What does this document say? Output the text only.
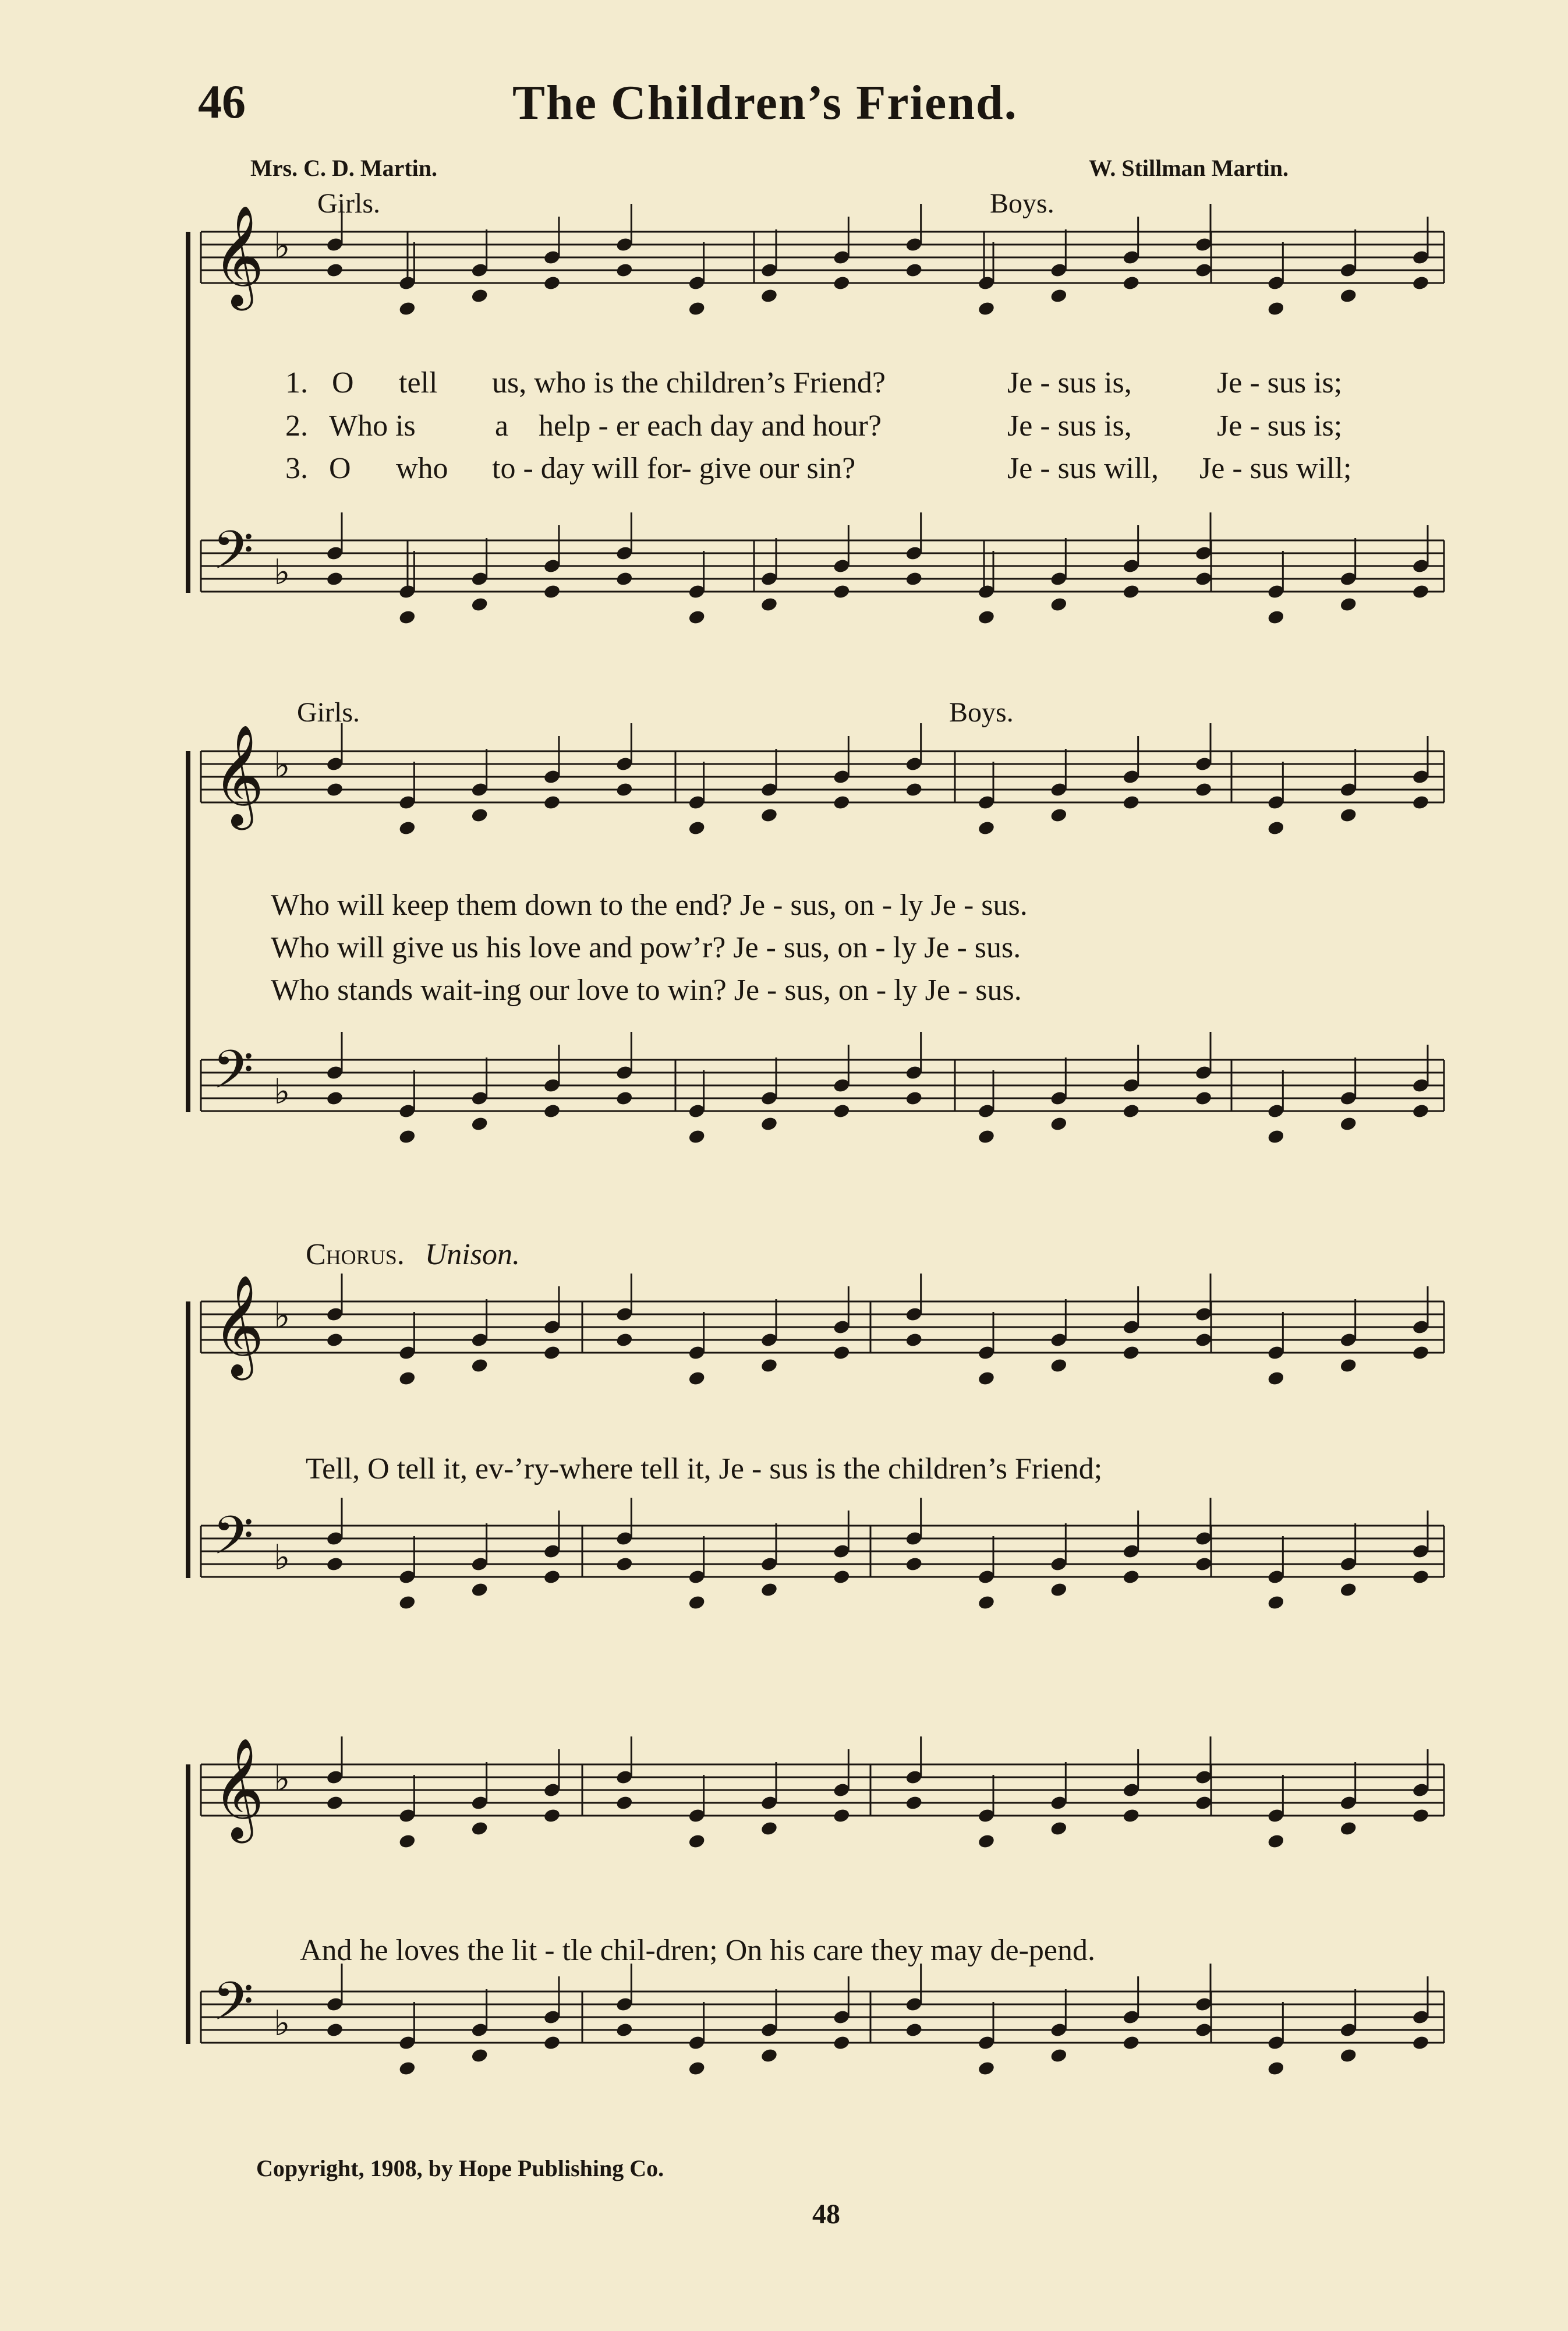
46	The Children’s Friend.
Mrs. C. D. Martin.	W. Stillman Martin.
Girls.	Boys.
1. O tell us, who is the children’s Friend?	Je - sus is,	Je - sus is;
2. Who is	a help - er each day and hour?	Je - sus is,	Je - sus is;
3. O who to - day will for- give our sin?	Je - sus will, Je - sus will;
Girls.	Boys.
Who will keep them down to the end? Je - sus, on - ly Je - sus.
Who will give us his love and pow’r? Je - sus, on - ly Je - sus.
Who stands wait-ing our love to win? Je - sus, on - ly Je - sus.
Chorus. Unison.
Tell, O tell it, ev-’ry-where tell it, Je - sus is the children’s Friend;
And he loves the lit - tle chil-dren; On his care they may de-pend.
Copyright, 1908, by Hope Publishing Co.
48
𝄞 ♭
𝄢 ♭
𝄞 ♭
𝄢 ♭
𝄞 ♭
𝄢 ♭
𝄞 ♭
𝄢 ♭
